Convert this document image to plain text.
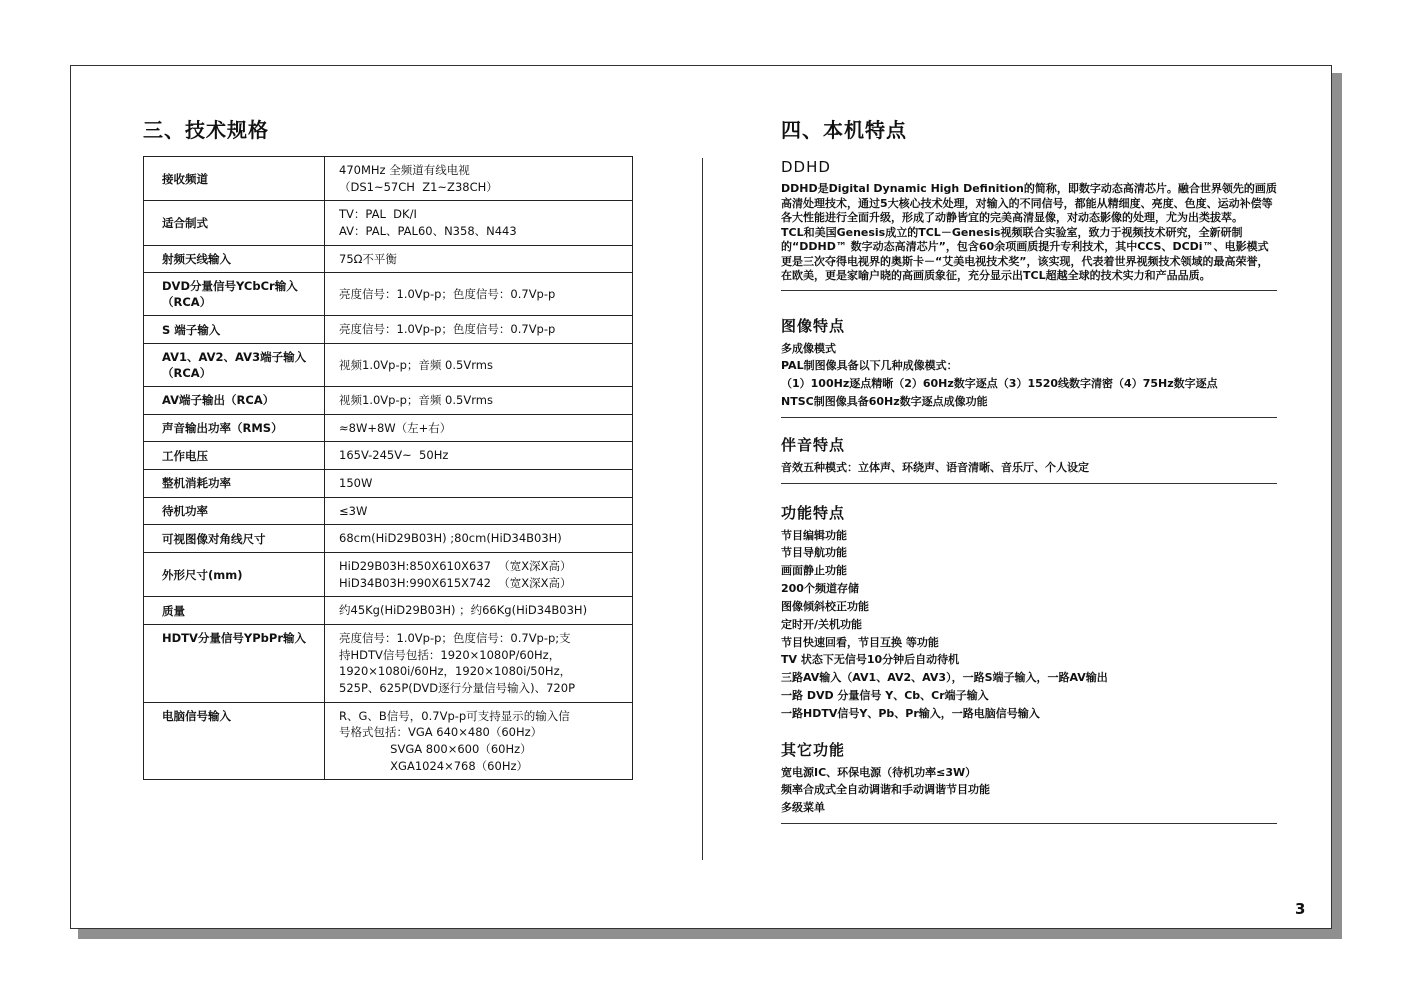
三、技术规格
接收频道	470MHz 全频道有线电视
（DS1~57CH  Z1~Z38CH）

适合制式	TV：PAL  DK/I
AV：PAL、PAL60、N358、N443

射频天线输入	75Ω不平衡

DVD分量信号YCbCr输入（RCA）	亮度信号：1.0Vp-p；色度信号：0.7Vp-p

S 端子输入	亮度信号：1.0Vp-p；色度信号：0.7Vp-p

AV1、AV2、AV3端子输入（RCA）	视频1.0Vp-p；音频 0.5Vrms

AV端子输出（RCA）	视频1.0Vp-p；音频 0.5Vrms

声音输出功率（RMS）	≈8W+8W（左+右）

工作电压	165V-245V~  50Hz

整机消耗功率	150W

待机功率	≤3W

可视图像对角线尺寸	68cm(HiD29B03H) ;80cm(HiD34B03H)

外形尺寸(mm)	HiD29B03H:850X610X637  （宽X深X高）
HiD34B03H:990X615X742  （宽X深X高）

质量	约45Kg(HiD29B03H) ；约66Kg(HiD34B03H)

HDTV分量信号YPbPr输入	亮度信号：1.0Vp-p；色度信号：0.7Vp-p;支
持HDTV信号包括：1920×1080P/60Hz，
1920×1080i/60Hz，1920×1080i/50Hz，
525P、625P(DVD逐行分量信号输入)、720P

电脑信号输入	R、G、B信号，0.7Vp-p可支持显示的输入信
号格式包括：VGA 640×480（60Hz）
SVGA 800×600（60Hz）
XGA1024×768（60Hz）
四、本机特点
DDHD

DDHD是Digital Dynamic High Definition的简称，即数字动态高清芯片。融合世界领先的画质高清处理技术，通过5大核心技术处理，对输入的不同信号，都能从精细度、亮度、色度、运动补偿等各大性能进行全面升级，形成了动静皆宜的完美高清显像，对动态影像的处理，尤为出类拔萃。

TCL和美国Genesis成立的TCL－Genesis视频联合实验室，致力于视频技术研究，全新研制的“DDHD™ 数字动态高清芯片”，包含60余项画质提升专利技术，其中CCS、DCDi™、电影模式更是三次夺得电视界的奥斯卡－“艾美电视技术奖”，该实现，代表着世界视频技术领域的最高荣誉，在欧美，更是家喻户晓的高画质象征，充分显示出TCL超越全球的技术实力和产品品质。

图像特点
多成像模式
PAL制图像具备以下几种成像模式：
（1）100Hz逐点精晰（2）60Hz数字逐点（3）1520线数字清密（4）75Hz数字逐点
NTSC制图像具备60Hz数字逐点成像功能
伴音特点
音效五种模式：立体声、环绕声、语音清晰、音乐厅、个人设定
功能特点
节目编辑功能
节目导航功能
画面静止功能
200个频道存储
图像倾斜校正功能
定时开/关机功能
节目快速回看，节目互换 等功能
TV 状态下无信号10分钟后自动待机
三路AV输入（AV1、AV2、AV3），一路S端子输入，一路AV输出
一路 DVD 分量信号 Y、Cb、Cr端子输入
一路HDTV信号Y、Pb、Pr输入，一路电脑信号输入
其它功能
宽电源IC、环保电源（待机功率≤3W）
频率合成式全自动调谐和手动调谐节目功能
多级菜单
3
